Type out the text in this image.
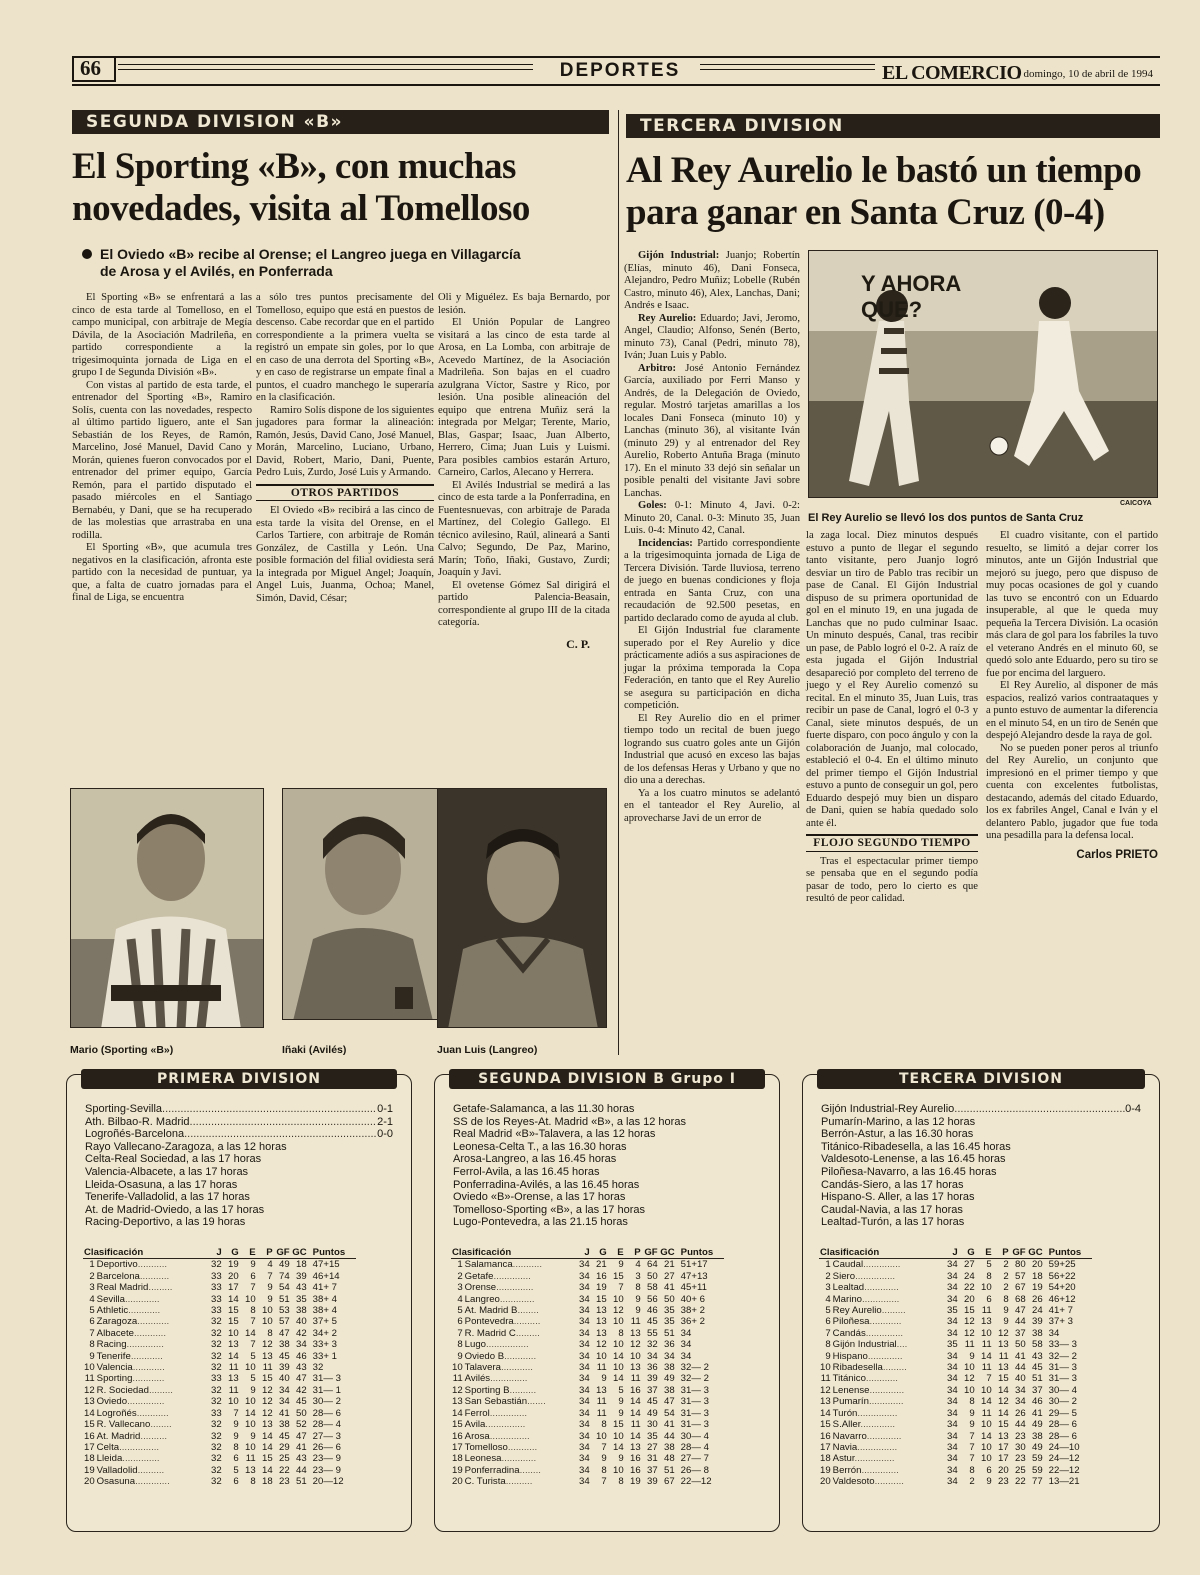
66	DEPORTES	EL COMERCIO
, domingo, 10 de abril de 1994
SEGUNDA DIVISION «B»
El Sporting «B», con muchas
novedades, visita al Tomelloso
El Oviedo «B» recibe al Orense; el Langreo juega en Villagarcía
de Arosa y el Avilés, en Ponferrada

El Sporting «B» se enfrentará a las cinco de esta tarde al Tomelloso, en el campo municipal, con arbitraje de Megía Dávila, de la Asociación Madrileña, en partido correspondiente a la trigesimoquinta jornada de Liga en el grupo I de Segunda División «B».

Con vistas al partido de esta tarde, el entrenador del Sporting «B», Ramiro Solís, cuenta con las novedades, respecto al último partido liguero, ante el San Sebastián de los Reyes, de Ramón, Marcelino, José Manuel, David Cano y Morán, quienes fueron convocados por el entrenador del primer equipo, García Remón, para el partido disputado el pasado miércoles en el Santiago Bernabéu, y Dani, que se ha recuperado de las molestias que arrastraba en una rodilla.

El Sporting «B», que acumula tres negativos en la clasificación, afronta este partido con la necesidad de puntuar, ya que, a falta de cuatro jornadas para el final de Liga, se encuentra

a sólo tres puntos precisamente del Tomelloso, equipo que está en puestos de descenso. Cabe recordar que en el partido correspondiente a la primera vuelta se registró un empate sin goles, por lo que en caso de una derrota del Sporting «B», y en caso de registrarse un empate final a puntos, el cuadro manchego le superaría en la clasificación.

Ramiro Solís dispone de los siguientes jugadores para formar la alineación: Ramón, Jesús, David Cano, José Manuel, Morán, Marcelino, Luciano, Urbano, David, Robert, Mario, Dani, Puente, Pedro Luis, Zurdo, José Luis y Armando.

OTROS PARTIDOS

El Oviedo «B» recibirá a las cinco de esta tarde la visita del Orense, en el Carlos Tartiere, con arbitraje de Román González, de Castilla y León. Una posible formación del filial ovidiesta será la integrada por Miguel Angel; Joaquín, Angel Luis, Juanma, Ochoa; Manel, Simón, David, César;

Oli y Miguélez. Es baja Bernardo, por lesión.

El Unión Popular de Langreo visitará a las cinco de esta tarde al Arosa, en La Lomba, con arbitraje de Acevedo Martínez, de la Asociación Madrileña. Son bajas en el cuadro azulgrana Víctor, Sastre y Rico, por lesión. Una posible alineación del equipo que entrena Muñiz será la integrada por Melgar; Terente, Mario, Blas, Gaspar; Isaac, Juan Alberto, Herrero, Cima; Juan Luis y Luismi. Para posibles cambios estarán Arturo, Carneiro, Carlos, Alecano y Herrera.

El Avilés Industrial se medirá a las cinco de esta tarde a la Ponferradina, en Fuentesnuevas, con arbitraje de Parada Martínez, del Colegio Gallego. El técnico avilesino, Raúl, alineará a Santi Calvo; Segundo, De Paz, Marino, Marín; Toño, Iñaki, Gustavo, Zurdi; Joaquín y Javi.

El ovetense Gómez Sal dirigirá el partido Palencia-Beasain, correspondiente al grupo III de la citada categoría.

C. P.
Mario (Sporting «B»)	Iñaki (Avilés)	Juan Luis (Langreo)
TERCERA DIVISION
Al Rey Aurelio le bastó un tiempo
para ganar en Santa Cruz (0-4)

Gijón Industrial: Juanjo; Robertín (Elías, minuto 46), Dani Fonseca, Alejandro, Pedro Muñiz; Lobelle (Rubén Castro, minuto 46), Alex, Lanchas, Dani; Andrés e Isaac.

Rey Aurelio: Eduardo; Javi, Jeromo, Angel, Claudio; Alfonso, Senén (Berto, minuto 73), Canal (Pedri, minuto 78), Iván; Juan Luis y Pablo.

Arbitro: José Antonio Fernández García, auxiliado por Ferri Manso y Andrés, de la Delegación de Oviedo, regular. Mostró tarjetas amarillas a los locales Dani Fonseca (minuto 10) y Lanchas (minuto 36), al visitante Iván (minuto 29) y al entrenador del Rey Aurelio, Roberto Antuña Braga (minuto 17). En el minuto 33 dejó sin señalar un posible penalti del visitante Javi sobre Lanchas.

Goles: 0-1: Minuto 4, Javi. 0-2: Minuto 20, Canal. 0-3: Minuto 35, Juan Luis. 0-4: Minuto 42, Canal.

Incidencias: Partido correspondiente a la trigesimoquinta jornada de Liga de Tercera División. Tarde lluviosa, terreno de juego en buenas condiciones y floja entrada en Santa Cruz, con una recaudación de 92.500 pesetas, en partido declarado como de ayuda al club.

El Gijón Industrial fue claramente superado por el Rey Aurelio y dice prácticamente adiós a sus aspiraciones de jugar la próxima temporada la Copa Federación, en tanto que el Rey Aurelio se asegura su participación en dicha competición.

El Rey Aurelio dio en el primer tiempo todo un recital de buen juego logrando sus cuatro goles ante un Gijón Industrial que acusó en exceso las bajas de los defensas Heras y Urbano y que no dio una a derechas.

Ya a los cuatro minutos se adelantó en el tanteador el Rey Aurelio, al aprovecharse Javi de un error de

Y AHORA QUE?
CAICOYA
El Rey Aurelio se llevó los dos puntos de Santa Cruz

la zaga local. Diez minutos después estuvo a punto de llegar el segundo tanto visitante, pero Juanjo logró desviar un tiro de Pablo tras recibir un pase de Canal. El Gijón Industrial dispuso de su primera oportunidad de gol en el minuto 19, en una jugada de Lanchas que no pudo culminar Isaac. Un minuto después, Canal, tras recibir un pase, de Pablo logró el 0-2. A raíz de esta jugada el Gijón Industrial desapareció por completo del terreno de juego y el Rey Aurelio comenzó su recital. En el minuto 35, Juan Luis, tras recibir un pase de Canal, logró el 0-3 y Canal, siete minutos después, de un fuerte disparo, con poco ángulo y con la colaboración de Juanjo, mal colocado, estableció el 0-4. En el último minuto del primer tiempo el Gijón Industrial estuvo a punto de conseguir un gol, pero Eduardo despejó muy bien un disparo de Dani, quien se había quedado solo ante él.

FLOJO SEGUNDO TIEMPO

Tras el espectacular primer tiempo se pensaba que en el segundo podía pasar de todo, pero lo cierto es que resultó de peor calidad.

El cuadro visitante, con el partido resuelto, se limitó a dejar correr los minutos, ante un Gijón Industrial que mejoró su juego, pero que dispuso de muy pocas ocasiones de gol y cuando las tuvo se encontró con un Eduardo insuperable, al que le queda muy pequeña la Tercera División. La ocasión más clara de gol para los fabriles la tuvo el veterano Andrés en el minuto 60, se quedó solo ante Eduardo, pero su tiro se fue por encima del larguero.

El Rey Aurelio, al disponer de más espacios, realizó varios contraataques y a punto estuvo de aumentar la diferencia en el minuto 54, en un tiro de Senén que despejó Alejandro desde la raya de gol.

No se pueden poner peros al triunfo del Rey Aurelio, un conjunto que impresionó en el primer tiempo y que cuenta con excelentes futbolistas, destacando, además del citado Eduardo, los ex fabriles Angel, Canal e Iván y el delantero Pablo, jugador que fue toda una pesadilla para la defensa local.

Carlos PRIETO
PRIMERA DIVISION
Sporting-Sevilla .....	0-1
Ath. Bilbao-R. Madrid .....	2-1
Logroñés-Barcelona .....	0-0
Rayo Vallecano-Zaragoza, a las 12 horas
Celta-Real Sociedad, a las 17 horas
Valencia-Albacete, a las 17 horas
Lleida-Osasuna, a las 17 horas
Tenerife-Valladolid, a las 17 horas
At. de Madrid-Oviedo, a las 17 horas
Racing-Deportivo, a las 19 horas
Clasificación		J	G	E	P	GF	GC	Puntos
1	Deportivo...........	32	19	9	4	49	18	47+15
2	Barcelona...........	33	20	6	7	74	39	46+14
3	Real Madrid.........	33	17	7	9	54	43	41+ 7
4	Sevilla.............	33	14	10	9	51	35	38+ 4
5	Athletic............	33	15	8	10	53	38	38+ 4
6	Zaragoza............	32	15	7	10	57	40	37+ 5
7	Albacete............	32	10	14	8	47	42	34+ 2
8	Racing..............	32	13	7	12	38	34	33+ 3
9	Tenerife............	32	14	5	13	45	46	33+ 1
10	Valencia............	32	11	10	11	39	43	32
11	Sporting............	33	13	5	15	40	47	31— 3
12	R. Sociedad.........	32	11	9	12	34	42	31— 1
13	Oviedo..............	32	10	10	12	34	45	30— 2
14	Logroñés............	33	7	14	12	41	50	28— 6
15	R. Vallecano........	32	9	10	13	38	52	28— 4
16	At. Madrid..........	32	9	9	14	45	47	27— 3
17	Celta...............	32	8	10	14	29	41	26— 6
18	Lleida..............	32	6	11	15	25	43	23— 9
19	Valladolid..........	32	5	13	14	22	44	23— 9
20	Osasuna.............	32	6	8	18	23	51	20—12
SEGUNDA DIVISION B Grupo I
Getafe-Salamanca, a las 11.30 horas
SS de los Reyes-At. Madrid «B», a las 12 horas
Real Madrid «B»-Talavera, a las 12 horas
Leonesa-Celta T., a las 16.30 horas
Arosa-Langreo, a las 16.45 horas
Ferrol-Avila, a las 16.45 horas
Ponferradina-Avilés, a las 16.45 horas
Oviedo «B»-Orense, a las 17 horas
Tomelloso-Sporting «B», a las 17 horas
Lugo-Pontevedra, a las 21.15 horas
Clasificación		J	G	E	P	GF	GC	Puntos
1	Salamanca...........	34	21	9	4	64	21	51+17
2	Getafe..............	34	16	15	3	50	27	47+13
3	Orense..............	34	19	7	8	58	41	45+11
4	Langreo.............	34	15	10	9	56	50	40+ 6
5	At. Madrid B........	34	13	12	9	46	35	38+ 2
6	Pontevedra..........	34	13	10	11	45	35	36+ 2
7	R. Madrid C.........	34	13	8	13	55	51	34
8	Lugo................	34	12	10	12	32	36	34
9	Oviedo B............	34	10	14	10	34	34	34
10	Talavera............	34	11	10	13	36	38	32— 2
11	Avilés..............	34	9	14	11	39	49	32— 2
12	Sporting B..........	34	13	5	16	37	38	31— 3
13	San Sebastián.......	34	11	9	14	45	47	31— 3
14	Ferrol..............	34	11	9	14	49	54	31— 3
15	Avila...............	34	8	15	11	30	41	31— 3
16	Arosa...............	34	10	10	14	35	44	30— 4
17	Tomelloso...........	34	7	14	13	27	38	28— 4
18	Leonesa.............	34	9	9	16	31	48	27— 7
19	Ponferradina........	34	8	10	16	37	51	26— 8
20	C. Turista..........	34	7	8	19	39	67	22—12
TERCERA DIVISION
Gijón Industrial-Rey Aurelio .....	0-4
Pumarín-Marino, a las 12 horas
Berrón-Astur, a las 16.30 horas
Titánico-Ribadesella, a las 16.45 horas
Valdesoto-Lenense, a las 16.45 horas
Piloñesa-Navarro, a las 16.45 horas
Candás-Siero, a las 17 horas
Hispano-S. Aller, a las 17 horas
Caudal-Navia, a las 17 horas
Lealtad-Turón, a las 17 horas
Clasificación		J	G	E	P	GF	GC	Puntos
1	Caudal..............	34	27	5	2	80	20	59+25
2	Siero...............	34	24	8	2	57	18	56+22
3	Lealtad.............	34	22	10	2	67	19	54+20
4	Marino..............	34	20	6	8	68	26	46+12
5	Rey Aurelio.........	35	15	11	9	47	24	41+ 7
6	Piloñesa............	34	12	13	9	44	39	37+ 3
7	Candás..............	34	12	10	12	37	38	34
8	Gijón Industrial....	35	11	11	13	50	58	33— 3
9	Hispano.............	34	9	14	11	41	43	32— 2
10	Ribadesella.........	34	10	11	13	44	45	31— 3
11	Titánico............	34	12	7	15	40	51	31— 3
12	Lenense.............	34	10	10	14	34	37	30— 4
13	Pumarín.............	34	8	14	12	34	46	30— 2
14	Turón...............	34	9	11	14	26	41	29— 5
15	S.Aller.............	34	9	10	15	44	49	28— 6
16	Navarro.............	34	7	14	13	23	38	28— 6
17	Navia...............	34	7	10	17	30	49	24—10
18	Astur...............	34	7	10	17	23	59	24—12
19	Berrón..............	34	8	6	20	25	59	22—12
20	Valdesoto...........	34	2	9	23	22	77	13—21
